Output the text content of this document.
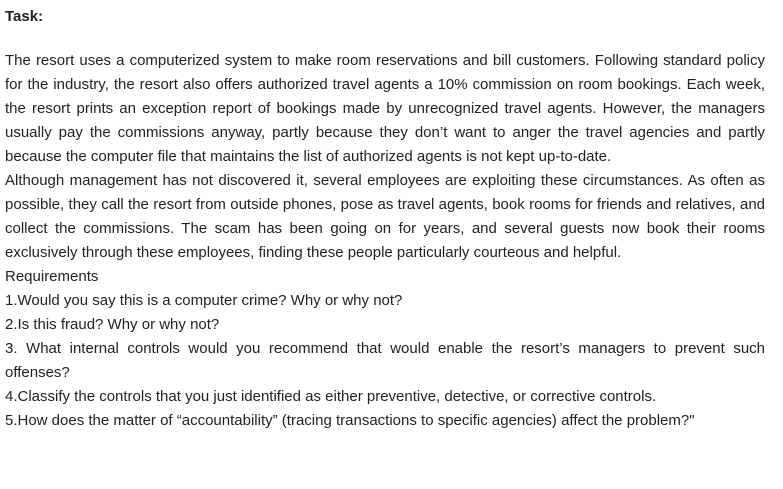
Task:

The resort uses a computerized system to make room reservations and bill customers. Following standard policy for the industry, the resort also offers authorized travel agents a 10% commission on room bookings. Each week, the resort prints an exception report of bookings made by unrecognized travel agents. However, the managers usually pay the commissions anyway, partly because they don’t want to anger the travel agencies and partly because the computer file that maintains the list of authorized agents is not kept up-to-date.

Although management has not discovered it, several employees are exploiting these circumstances. As often as possible, they call the resort from outside phones, pose as travel agents, book rooms for friends and relatives, and collect the commissions. The scam has been going on for years, and several guests now book their rooms exclusively through these employees, finding these people particularly courteous and helpful.

Requirements

1.Would you say this is a computer crime? Why or why not?

2.Is this fraud? Why or why not?

3. What internal controls would you recommend that would enable the resort’s managers to prevent such offenses?

4.Classify the controls that you just identified as either preventive, detective, or corrective controls.

5.How does the matter of “accountability” (tracing transactions to specific agencies) affect the problem?"
